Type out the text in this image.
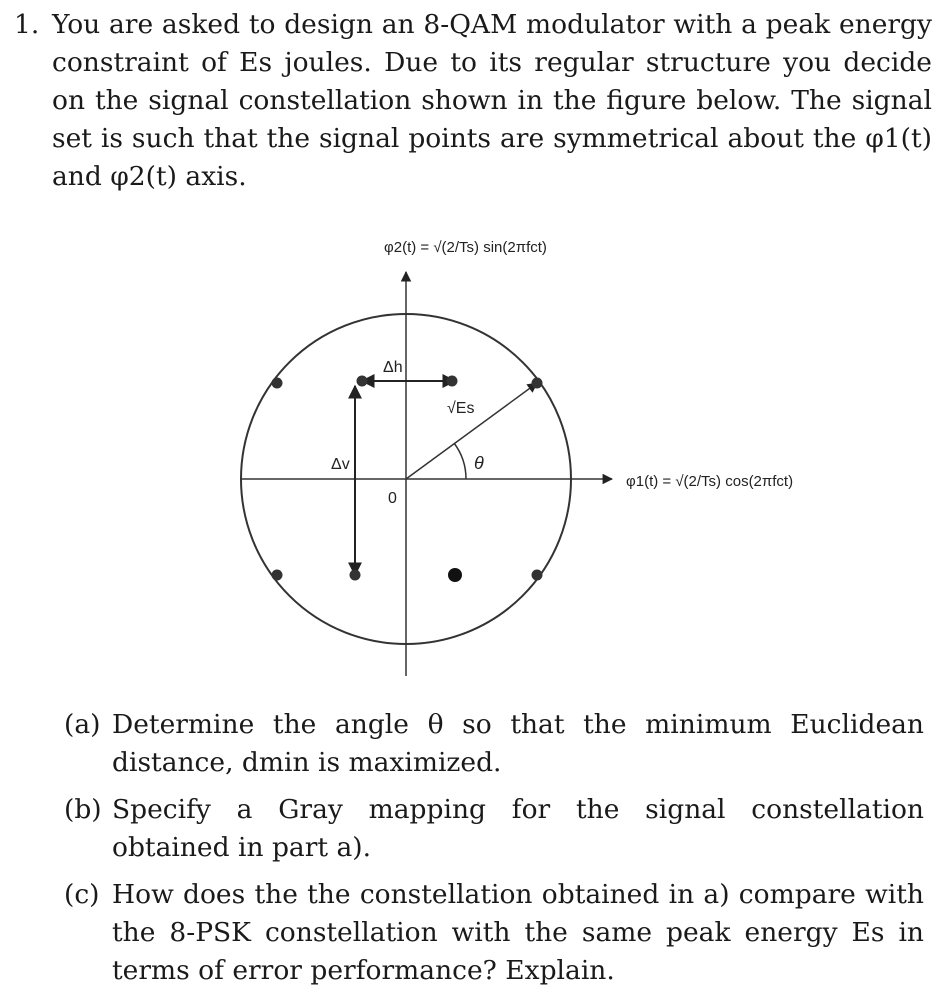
1. You are asked to design an 8-QAM modulator with a peak energy constraint of Es joules. Due to its regular structure you decide on the signal constellation shown in the figure below. The signal set is such that the signal points are symmetrical about the φ1(t) and φ2(t) axis.
φ2(t) = √(2/Ts) sin(2πfct)
φ1(t) = √(2/Ts) cos(2πfct)
Δh
Δv
√Es
θ
0
(a) Determine the angle θ so that the minimum Euclidean distance, dmin is maximized.
(b) Specify a Gray mapping for the signal constellation obtained in part a).
(c) How does the the constellation obtained in a) compare with the 8-PSK constellation with the same peak energy Es in terms of error performance? Explain.
